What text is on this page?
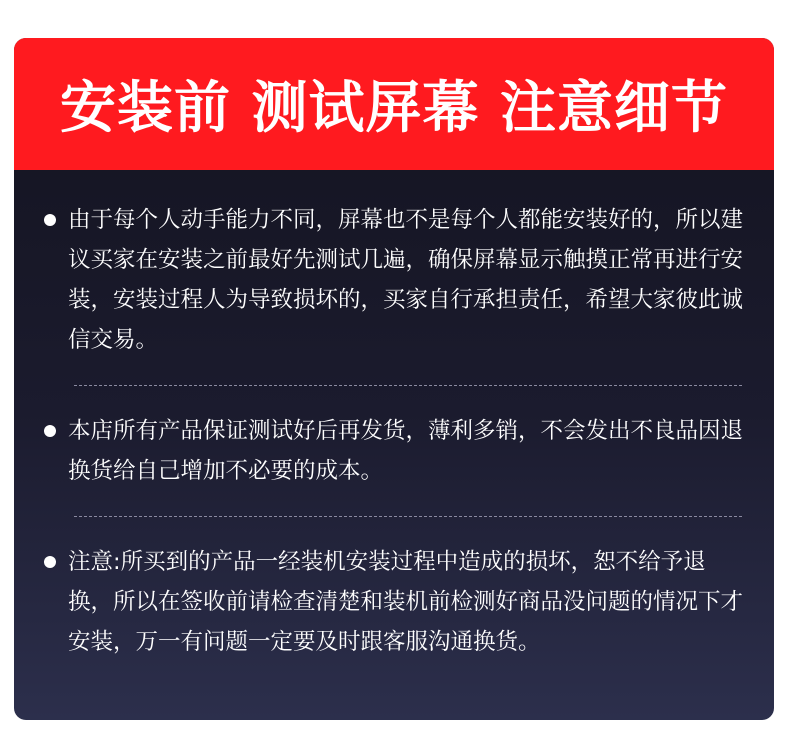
安装前 测试屏幕 注意细节
由于每个人动手能力不同，屏幕也不是每个人都能安装好的，所以建议买家在安装之前最好先测试几遍，确保屏幕显示触摸正常再进行安装，安装过程人为导致损坏的，买家自行承担责任，希望大家彼此诚信交易。
本店所有产品保证测试好后再发货，薄利多销，不会发出不良品因退换货给自己增加不必要的成本。
注意:所买到的产品一经装机安装过程中造成的损坏，恕不给予退换，所以在签收前请检查清楚和装机前检测好商品没问题的情况下才安装，万一有问题一定要及时跟客服沟通换货。
